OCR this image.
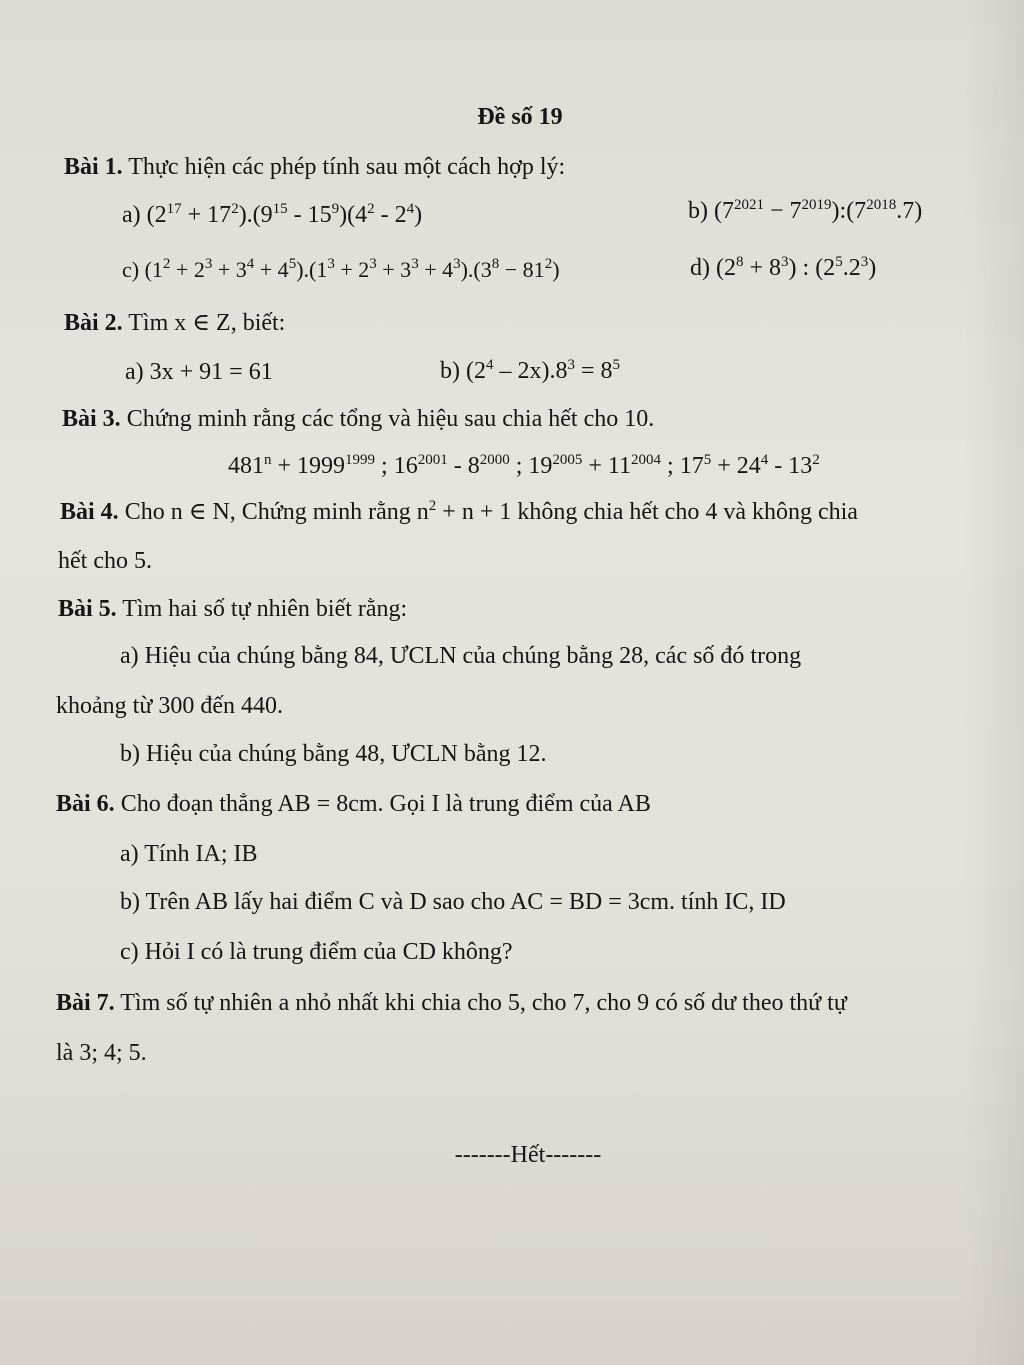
Đề số 19
Bài 1. Thực hiện các phép tính sau một cách hợp lý:
a) $(2^{17} + 17^2).(9^{15} - 15^9)(4^2 - 2^4)$	b) ($7^{2021}$ − $7^{2019}):(7^{2018}.7)$
c) $(1^2 + 2^3 + 3^4 + 4^5).(1^3 + 2^3 + 3^3 + 4^3).(3^8 - 81^2)$	d) $(2^8 + 8^3)$ : $(2^5.2^3)$
Bài 2. Tìm x ∈ Z, biết:
a) 3x + 91 = 61	b) $(2^4 - 2x).8^3 = 8^5$
Bài 3. Chứng minh rằng các tổng và hiệu sau chia hết cho 10.
$481^n + 1999^{1999}$ ; $16^{2001} - 8^{2000}$ ; $19^{2005} + 11^{2004}$ ; $17^5 + 24^4 - 13^2$
Bài 4. Cho n ∈ N, Chứng minh rằng $n^2 + n + 1$ không chia hết cho 4 và không chia
hết cho 5.
Bài 5. Tìm hai số tự nhiên biết rằng:
a) Hiệu của chúng bằng 84, ƯCLN của chúng bằng 28, các số đó trong
khoảng từ 300 đến 440.
b) Hiệu của chúng bằng 48, ƯCLN bằng 12.
Bài 6. Cho đoạn thẳng AB = 8cm. Gọi I là trung điểm của AB
a) Tính IA; IB
b) Trên AB lấy hai điểm C và D sao cho AC = BD = 3cm. tính IC, ID
c) Hỏi I có là trung điểm của CD không?
Bài 7. Tìm số tự nhiên a nhỏ nhất khi chia cho 5, cho 7, cho 9 có số dư theo thứ tự
là 3; 4; 5.
-------Hết-------
